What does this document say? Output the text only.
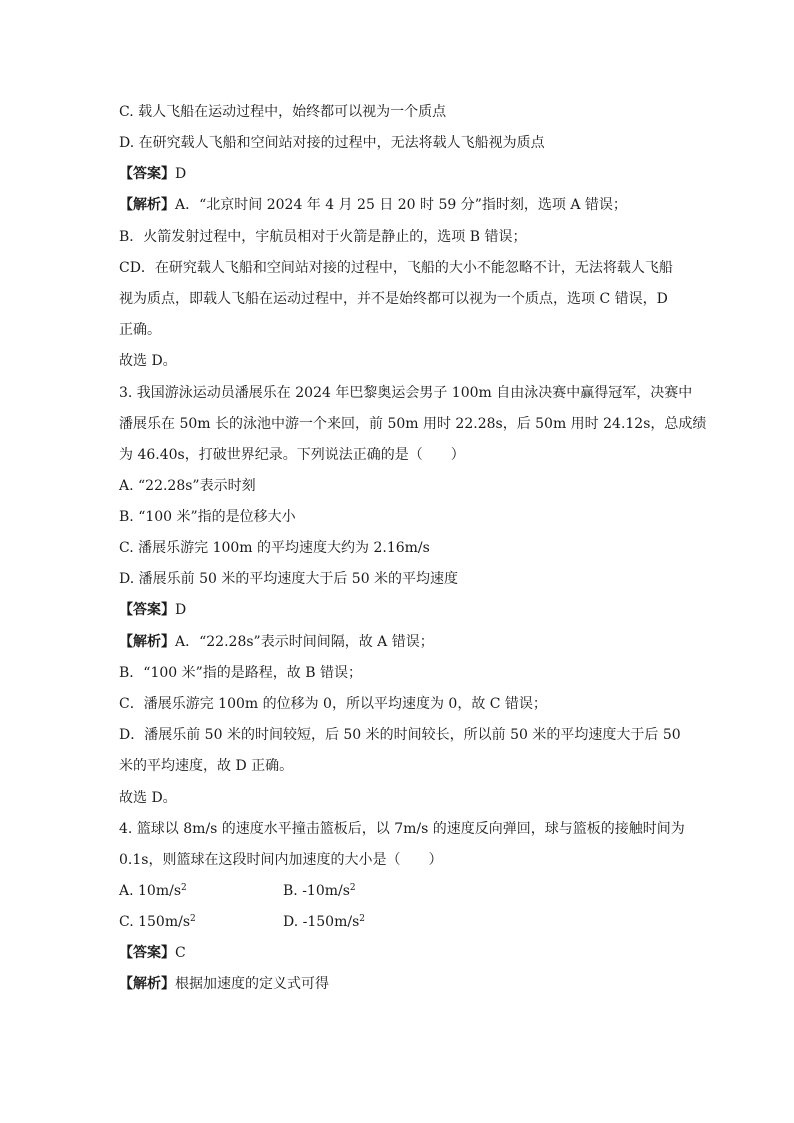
C. 载人飞船在运动过程中，始终都可以视为一个质点
D. 在研究载人飞船和空间站对接的过程中，无法将载人飞船视为质点
【答案】D
【解析】A．“北京时间 2024 年 4 月 25 日 20 时 59 分”指时刻，选项 A 错误；
B．火箭发射过程中，宇航员相对于火箭是静止的，选项 B 错误；
CD．在研究载人飞船和空间站对接的过程中，飞船的大小不能忽略不计，无法将载人飞船
视为质点，即载人飞船在运动过程中，并不是始终都可以视为一个质点，选项 C 错误，D
正确。
故选 D。
3. 我国游泳运动员潘展乐在 2024 年巴黎奥运会男子 100m 自由泳决赛中赢得冠军，决赛中
潘展乐在 50m 长的泳池中游一个来回，前 50m 用时 22.28s，后 50m 用时 24.12s，总成绩
为 46.40s，打破世界纪录。下列说法正确的是（　　）
A. “22.28s”表示时刻
B. “100 米”指的是位移大小
C. 潘展乐游完 100m 的平均速度大约为 2.16m/s
D. 潘展乐前 50 米的平均速度大于后 50 米的平均速度
【答案】D
【解析】A．“22.28s”表示时间间隔，故 A 错误；
B．“100 米”指的是路程，故 B 错误；
C．潘展乐游完 100m 的位移为 0，所以平均速度为 0，故 C 错误；
D．潘展乐前 50 米的时间较短，后 50 米的时间较长，所以前 50 米的平均速度大于后 50
米的平均速度，故 D 正确。
故选 D。
4. 篮球以 8m/s 的速度水平撞击篮板后，以 7m/s 的速度反向弹回，球与篮板的接触时间为
0.1s，则篮球在这段时间内加速度的大小是（　　）
A. $10m/s^2$	B. $-10m/s^2$
C. $150m/s^2$	D. $-150m/s^2$
【答案】C
【解析】根据加速度的定义式可得
